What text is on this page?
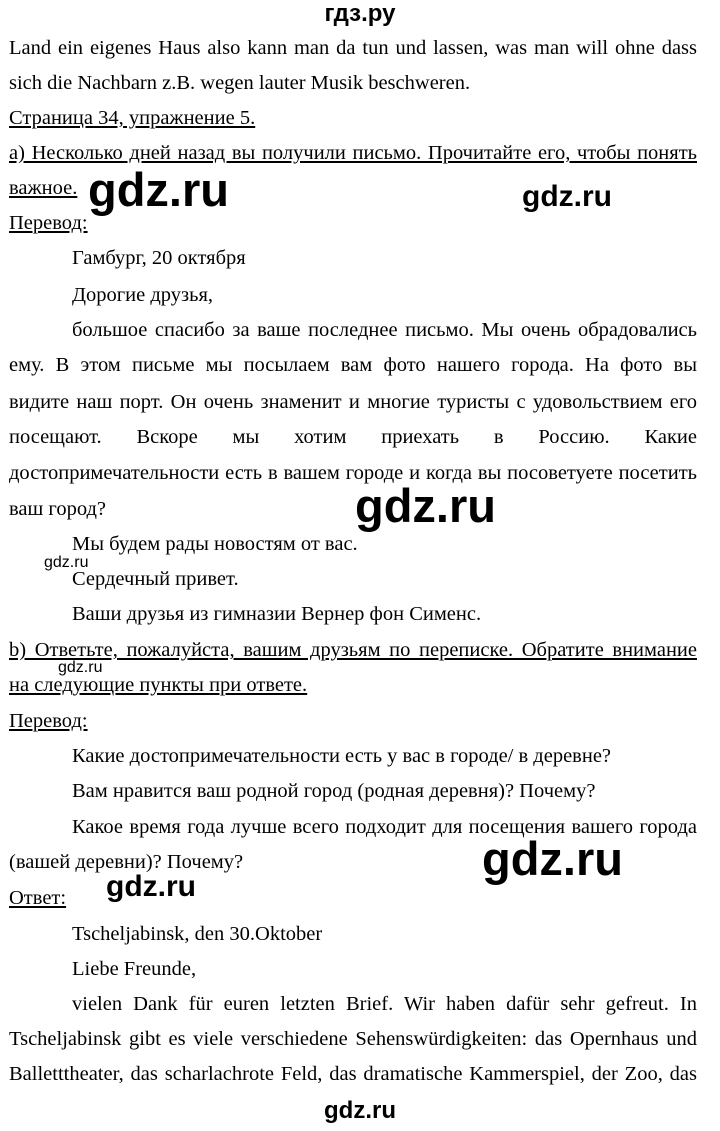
гдз.ру
Land ein eigenes Haus also kann man da tun und lassen, was man will ohne dass
sich die Nachbarn z.B. wegen lauter Musik beschweren.
Страница 34, упражнение 5.
a) Несколько дней назад вы получили письмо. Прочитайте его, чтобы понять
важное.
Перевод:
Гамбург, 20 октября
Дорогие друзья,
большое спасибо за ваше последнее письмо. Мы очень обрадовались
ему. В этом письме мы посылаем вам фото нашего города. На фото вы
видите наш порт. Он очень знаменит и многие туристы с удовольствием его
посещают. Вскоре мы хотим приехать в Россию. Какие
достопримечательности есть в вашем городе и когда вы посоветуете посетить
ваш город?
Мы будем рады новостям от вас.
Сердечный привет.
Ваши друзья из гимназии Вернер фон Сименс.
b) Ответьте, пожалуйста, вашим друзьям по переписке. Обратите внимание
на следующие пункты при ответе.
Перевод:
Какие достопримечательности есть у вас в городе/ в деревне?
Вам нравится ваш родной город (родная деревня)? Почему?
Какое время года лучше всего подходит для посещения вашего города
(вашей деревни)? Почему?
Ответ:
Tscheljabinsk, den 30.Oktober
Liebe Freunde,
vielen Dank für euren letzten Brief. Wir haben dafür sehr gefreut. In
Tscheljabinsk gibt es viele verschiedene Sehenswürdigkeiten: das Opernhaus und
Balletttheater, das scharlachrote Feld, das dramatische Kammerspiel, der Zoo, das
gdz.ru	gdz.ru
gdz.ru
gdz.ru
gdz.ru
gdz.ru
gdz.ru
gdz.ru
